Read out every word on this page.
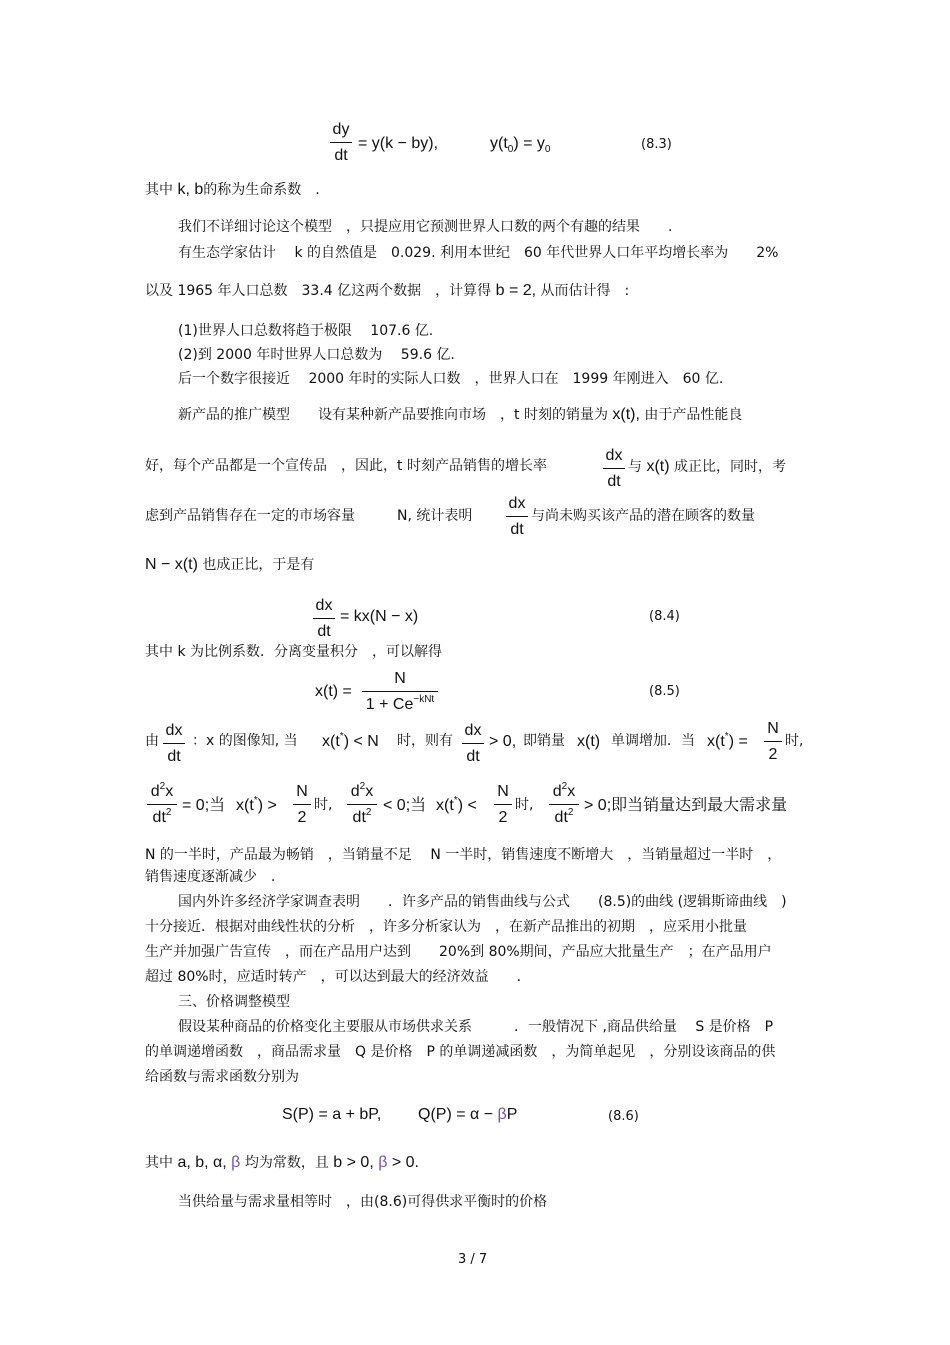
dy
dt
= y(k − by),	$y(t_0) = y_0$	(8.3)
其中 k, b的称为生命系数　.
我们不详细讨论这个模型　，只提应用它预测世界人口数的两个有趣的结果　　.
有生态学家估计　 k 的自然值是　0.029. 利用本世纪　60 年代世界人口年平均增长率为　　2%
以及 1965 年人口总数　33.4 亿这两个数据　，计算得 b = 2, 从而估计得　:
(1)世界人口总数将趋于极限　 107.6 亿.
(2)到 2000 年时世界人口总数为　 59.6 亿.
后一个数字很接近　 2000 年时的实际人口数　，世界人口在　1999 年刚进入　60 亿.
新产品的推广模型　　设有某种新产品要推向市场　，t 时刻的销量为 x(t), 由于产品性能良
好，每个产品都是一个宣传品　，因此，t 时刻产品销售的增长率
dx
dt
与 x(t) 成正比，同时，考
虑到产品销售存在一定的市场容量　　　N, 统计表明
dx
dt
与尚未购买该产品的潜在顾客的数量
N − x(t) 也成正比，于是有
dx
dt
= kx(N − x)	(8.4)
其中 k 为比例系数．分离变量积分　，可以解得
x(t) =
N
$1 + Ce^{-kNt}$
(8.5)
由
dx
dt
：x 的图像知, 当 x(t*) < N 时，则有
dx
dt
> 0, 即销量 x(t) 单调增加．当 x(t*) =
N
2
时,
$d^2x$
$dt^2 = 0$;当 x(t*) >
N
2
时,
$d^2x$
$dt^2 < 0$;当 x(t*) <
N
2
时,
$d^2x$
$dt^2 > 0$;即当销量达到最大需求量
N 的一半时，产品最为畅销　，当销量不足　 N 一半时，销售速度不断增大　，当销量超过一半时　，
销售速度逐渐减少　．
国内外许多经济学家调查表明　　．许多产品的销售曲线与公式　　(8.5)的曲线 (逻辑斯谛曲线　)
十分接近．根据对曲线性状的分析　，许多分析家认为　，在新产品推出的初期　，应采用小批量
生产并加强广告宣传　，而在产品用户达到　　20%到 80%期间，产品应大批量生产　；在产品用户
超过 80%时，应适时转产　，可以达到最大的经济效益　　.
三、价格调整模型
假设某种商品的价格变化主要服从市场供求关系　　　．一般情况下 ,商品供给量　 S 是价格　P
的单调递增函数　，商品需求量　Q 是价格　P 的单调递减函数　，为简单起见　，分别设该商品的供
给函数与需求函数分别为
S(P) = a + bP, Q(P) = α − βP	(8.6)
其中 a, b, α, β 均为常数，且 b > 0, β > 0.
当供给量与需求量相等时　，由(8.6)可得供求平衡时的价格
3 / 7
